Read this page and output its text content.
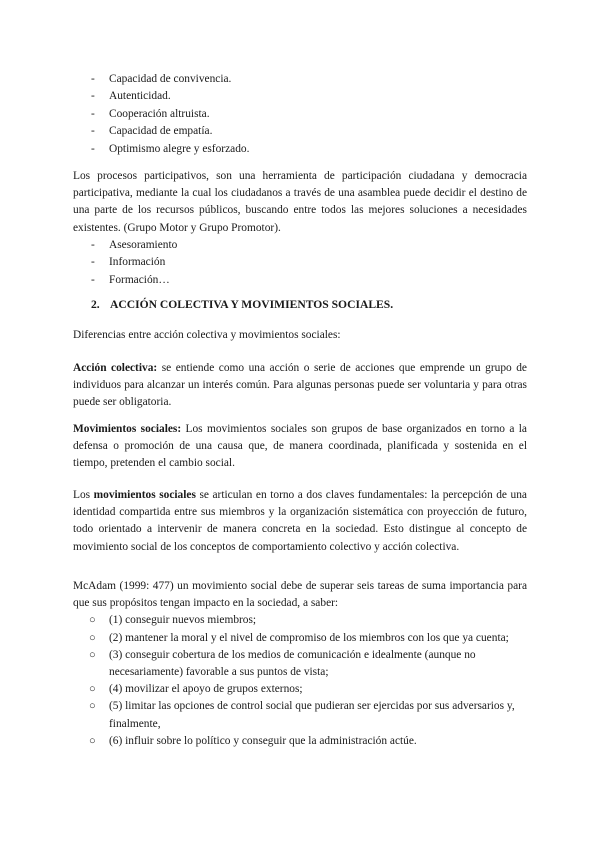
- Capacidad de convivencia.
- Autenticidad.
- Cooperación altruista.
- Capacidad de empatía.
- Optimismo alegre y esforzado.

Los procesos participativos, son una herramienta de participación ciudadana y democracia participativa, mediante la cual los ciudadanos a través de una asamblea puede decidir el destino de una parte de los recursos públicos, buscando entre todos las mejores soluciones a necesidades existentes. (Grupo Motor y Grupo Promotor).

- Asesoramiento
- Información
- Formación…
2. ACCIÓN COLECTIVA Y MOVIMIENTOS SOCIALES.

Diferencias entre acción colectiva y movimientos sociales:

Acción colectiva: se entiende como una acción o serie de acciones que emprende un grupo de individuos para alcanzar un interés común. Para algunas personas puede ser voluntaria y para otras puede ser obligatoria.

Movimientos sociales: Los movimientos sociales son grupos de base organizados en torno a la defensa o promoción de una causa que, de manera coordinada, planificada y sostenida en el tiempo, pretenden el cambio social.

Los movimientos sociales se articulan en torno a dos claves fundamentales: la percepción de una identidad compartida entre sus miembros y la organización sistemática con proyección de futuro, todo orientado a intervenir de manera concreta en la sociedad. Esto distingue al concepto de movimiento social de los conceptos de comportamiento colectivo y acción colectiva.

McAdam (1999: 477) un movimiento social debe de superar seis tareas de suma importancia para que sus propósitos tengan impacto en la sociedad, a saber:

○ (1) conseguir nuevos miembros;
○ (2) mantener la moral y el nivel de compromiso de los miembros con los que ya cuenta;
○ (3) conseguir cobertura de los medios de comunicación e idealmente (aunque no necesariamente) favorable a sus puntos de vista;
○ (4) movilizar el apoyo de grupos externos;
○ (5) limitar las opciones de control social que pudieran ser ejercidas por sus adversarios y, finalmente,
○ (6) influir sobre lo político y conseguir que la administración actúe.
